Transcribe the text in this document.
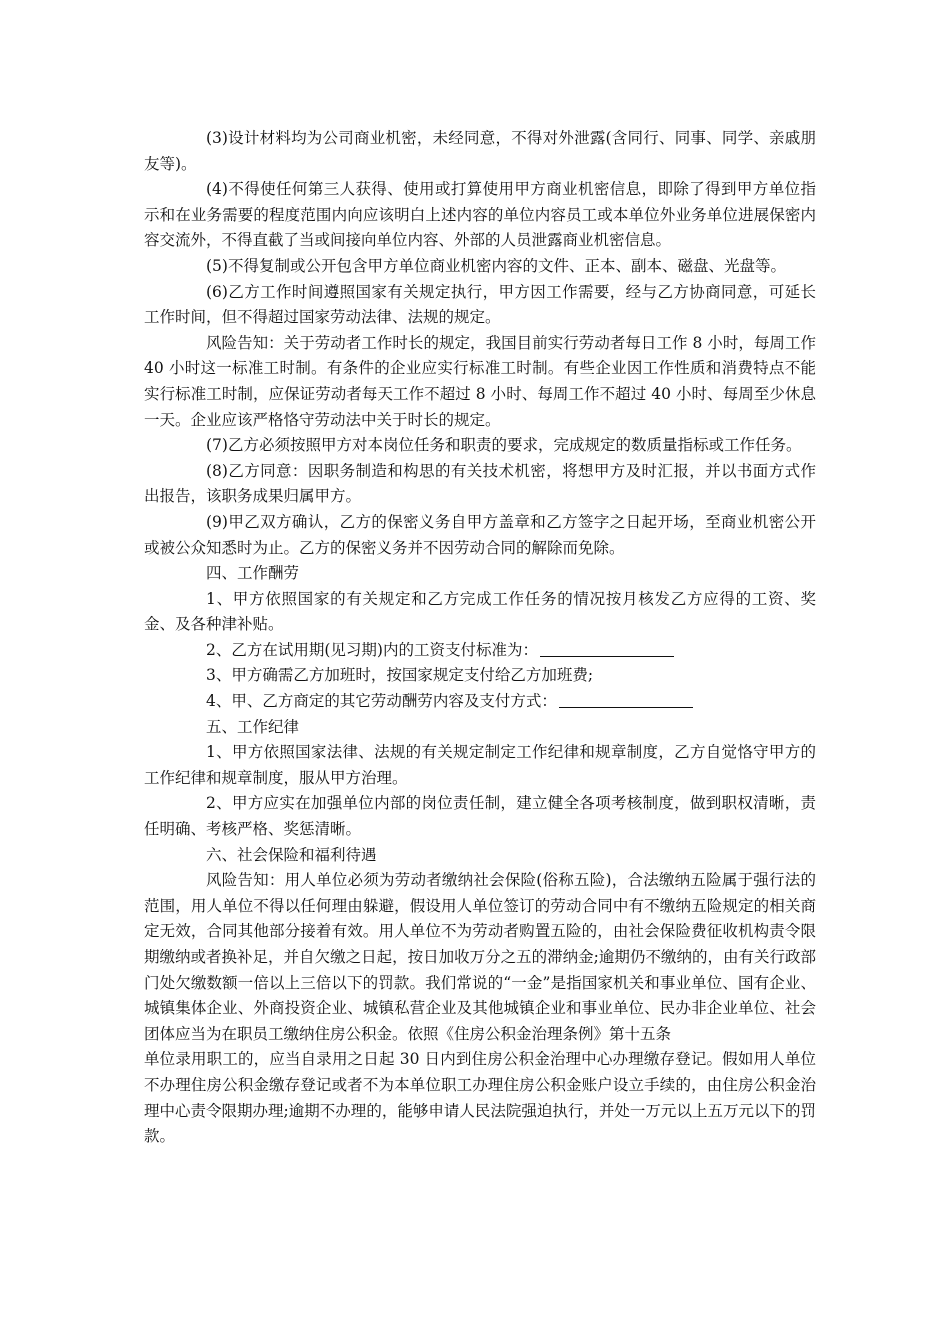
(3)设计材料均为公司商业机密，未经同意，不得对外泄露(含同行、同事、同学、亲戚朋友等)。

(4)不得使任何第三人获得、使用或打算使用甲方商业机密信息，即除了得到甲方单位指示和在业务需要的程度范围内向应该明白上述内容的单位内容员工或本单位外业务单位进展保密内容交流外，不得直截了当或间接向单位内容、外部的人员泄露商业机密信息。

(5)不得复制或公开包含甲方单位商业机密内容的文件、正本、副本、磁盘、光盘等。

(6)乙方工作时间遵照国家有关规定执行，甲方因工作需要，经与乙方协商同意，可延长工作时间，但不得超过国家劳动法律、法规的规定。

风险告知：关于劳动者工作时长的规定，我国目前实行劳动者每日工作 8 小时，每周工作 40 小时这一标准工时制。有条件的企业应实行标准工时制。有些企业因工作性质和消费特点不能实行标准工时制，应保证劳动者每天工作不超过 8 小时、每周工作不超过 40 小时、每周至少休息一天。企业应该严格恪守劳动法中关于时长的规定。

(7)乙方必须按照甲方对本岗位任务和职责的要求，完成规定的数质量指标或工作任务。

(8)乙方同意：因职务制造和构思的有关技术机密，将想甲方及时汇报，并以书面方式作出报告，该职务成果归属甲方。

(9)甲乙双方确认，乙方的保密义务自甲方盖章和乙方签字之日起开场，至商业机密公开或被公众知悉时为止。乙方的保密义务并不因劳动合同的解除而免除。

四、工作酬劳

1、甲方依照国家的有关规定和乙方完成工作任务的情况按月核发乙方应得的工资、奖金、及各种津补贴。

2、乙方在试用期(见习期)内的工资支付标准为：

3、甲方确需乙方加班时，按国家规定支付给乙方加班费;

4、甲、乙方商定的其它劳动酬劳内容及支付方式：

五、工作纪律

1、甲方依照国家法律、法规的有关规定制定工作纪律和规章制度，乙方自觉恪守甲方的工作纪律和规章制度，服从甲方治理。

2、甲方应实在加强单位内部的岗位责任制，建立健全各项考核制度，做到职权清晰，责任明确、考核严格、奖惩清晰。

六、社会保险和福利待遇

风险告知：用人单位必须为劳动者缴纳社会保险(俗称五险)，合法缴纳五险属于强行法的范围，用人单位不得以任何理由躲避，假设用人单位签订的劳动合同中有不缴纳五险规定的相关商定无效，合同其他部分接着有效。用人单位不为劳动者购置五险的，由社会保险费征收机构责令限期缴纳或者换补足，并自欠缴之日起，按日加收万分之五的滞纳金;逾期仍不缴纳的，由有关行政部门处欠缴数额一倍以上三倍以下的罚款。我们常说的“一金”是指国家机关和事业单位、国有企业、城镇集体企业、外商投资企业、城镇私营企业及其他城镇企业和事业单位、民办非企业单位、社会团体应当为在职员工缴纳住房公积金。依照《住房公积金治理条例》第十五条

单位录用职工的，应当自录用之日起 30 日内到住房公积金治理中心办理缴存登记。假如用人单位不办理住房公积金缴存登记或者不为本单位职工办理住房公积金账户设立手续的，由住房公积金治理中心责令限期办理;逾期不办理的，能够申请人民法院强迫执行，并处一万元以上五万元以下的罚款。
